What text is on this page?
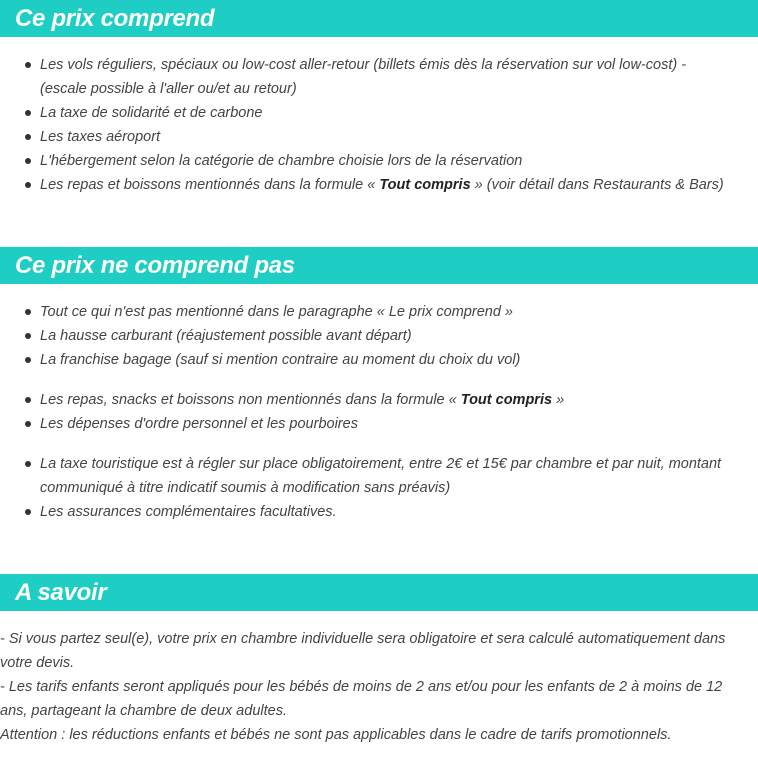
Ce prix comprend
Les vols réguliers, spéciaux ou low-cost aller-retour (billets émis dès la réservation sur vol low-cost) - (escale possible à l'aller ou/et au retour)
La taxe de solidarité et de carbone
Les taxes aéroport
L'hébergement selon la catégorie de chambre choisie lors de la réservation
Les repas et boissons mentionnés dans la formule « Tout compris » (voir détail dans Restaurants & Bars)
Ce prix ne comprend pas
Tout ce qui n'est pas mentionné dans le paragraphe « Le prix comprend »
La hausse carburant (réajustement possible avant départ)
La franchise bagage (sauf si mention contraire au moment du choix du vol)
Les repas, snacks et boissons non mentionnés dans la formule « Tout compris »
Les dépenses d'ordre personnel et les pourboires
La taxe touristique est à régler sur place obligatoirement, entre 2€ et 15€ par chambre et par nuit, montant communiqué à titre indicatif soumis à modification sans préavis)
Les assurances complémentaires facultatives.
A savoir

- Si vous partez seul(e), votre prix en chambre individuelle sera obligatoire et sera calculé automatiquement dans votre devis.

- Les tarifs enfants seront appliqués pour les bébés de moins de 2 ans et/ou pour les enfants de 2 à moins de 12 ans, partageant la chambre de deux adultes.

Attention : les réductions enfants et bébés ne sont pas applicables dans le cadre de tarifs promotionnels.
